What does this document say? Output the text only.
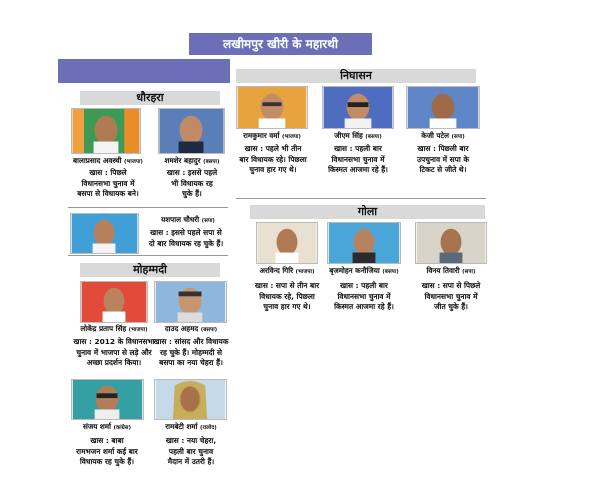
लखीमपुर खीरी के महारथी
धौरहरा
मोहम्मदी
निघासन
गोला
बालाप्रसाद अवस्थी (भाजपा)
खास : पिछले
विधानसभा चुनाव में
बसपा से विधायक बने।
शमशेर बहादुर (बसपा)
खास : इससे पहले
भी विधायक रह
चुके हैं।
यशपाल चौधरी (सपा)
खास : इससे पहले सपा से
दो बार विधायक रह चुके हैं।
लोकेंद्र प्रताप सिंह (भाजपा)
खास : 2012 के विधानसभा
चुनाव में भाजपा से लड़े और
अच्छा प्रदर्शन किया।
दाउद अहमद (बसपा)
खास : सांसद और विधायक
रह चुके हैं। मोहम्मदी से
बसपा का नया चेहरा हैं।
संजय शर्मा (कांग्रेस)
खास : बाबा
रामभजन शर्मा कई बार
विधायक रह चुके हैं।
रामबेटी शर्मा (रालोद)
खास : नया चेहरा,
पहली बार चुनाव
मैदान में उतरी हैं।
रामकुमार वर्मा (भाजपा)
खास : पहले भी तीन
बार विधायक रहे। पिछला
चुनाव हार गए थे।
जीएम सिंह (बसपा)
खास : पहली बार
विधानसभा चुनाव में
किस्मत आजमा रहे हैं।
केजी पटेल (सपा)
खास : पिछली बार
उपचुनाव में सपा के
टिकट से जीते थे।
अरविन्द गिरि (भाजपा)
खास : सपा से तीन बार
विधायक रहे, पिछला
चुनाव हार गए थे।
बृजमोहन कनौजिया (बसपा)
खास : पहली बार
विधानसभा चुनाव में
किस्मत आजमा रहे हैं।
विनय तिवारी (सपा)
खास : सपा से पिछले
विधानसभा चुनाव में
जीत चुके हैं।
